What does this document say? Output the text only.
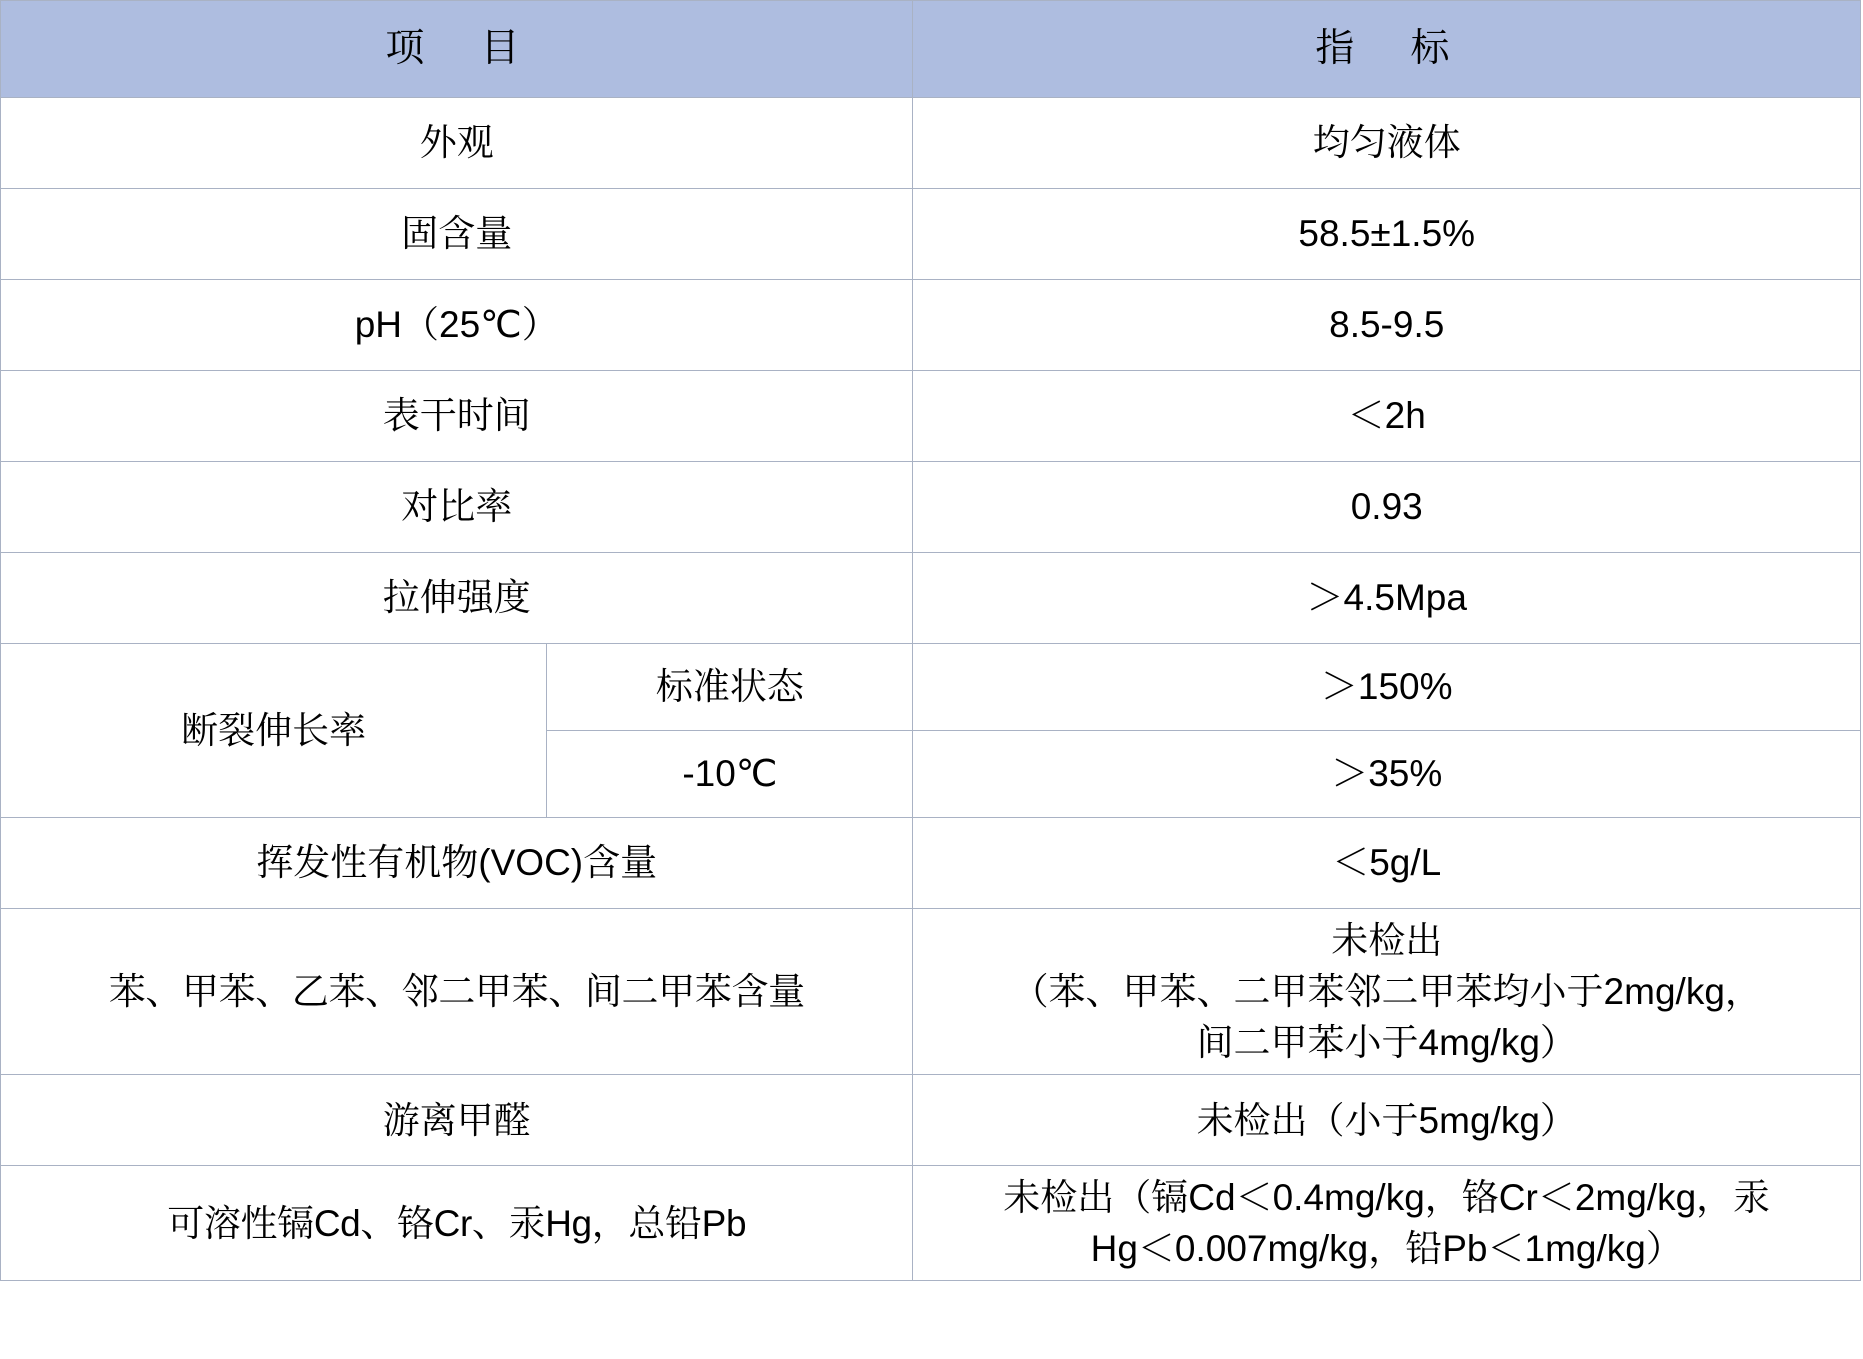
项　目		指　标
外观		均匀液体
固含量		58.5±1.5%
pH（25℃）		8.5-9.5
表干时间		＜2h
对比率		0.93
拉伸强度		＞4.5Mpa
断裂伸长率	标准状态	＞150%
	-10℃	＞35%
挥发性有机物(VOC)含量		＜5g/L
苯、甲苯、乙苯、邻二甲苯、间二甲苯含量		未检出
（苯、甲苯、二甲苯邻二甲苯均小于2mg/kg，
间二甲苯小于4mg/kg）

游离甲醛		未检出（小于5mg/kg）
可溶性镉Cd、铬Cr、汞Hg，总铅Pb		未检出（镉Cd＜0.4mg/kg，铬Cr＜2mg/kg，汞
Hg＜0.007mg/kg，铅Pb＜1mg/kg）
